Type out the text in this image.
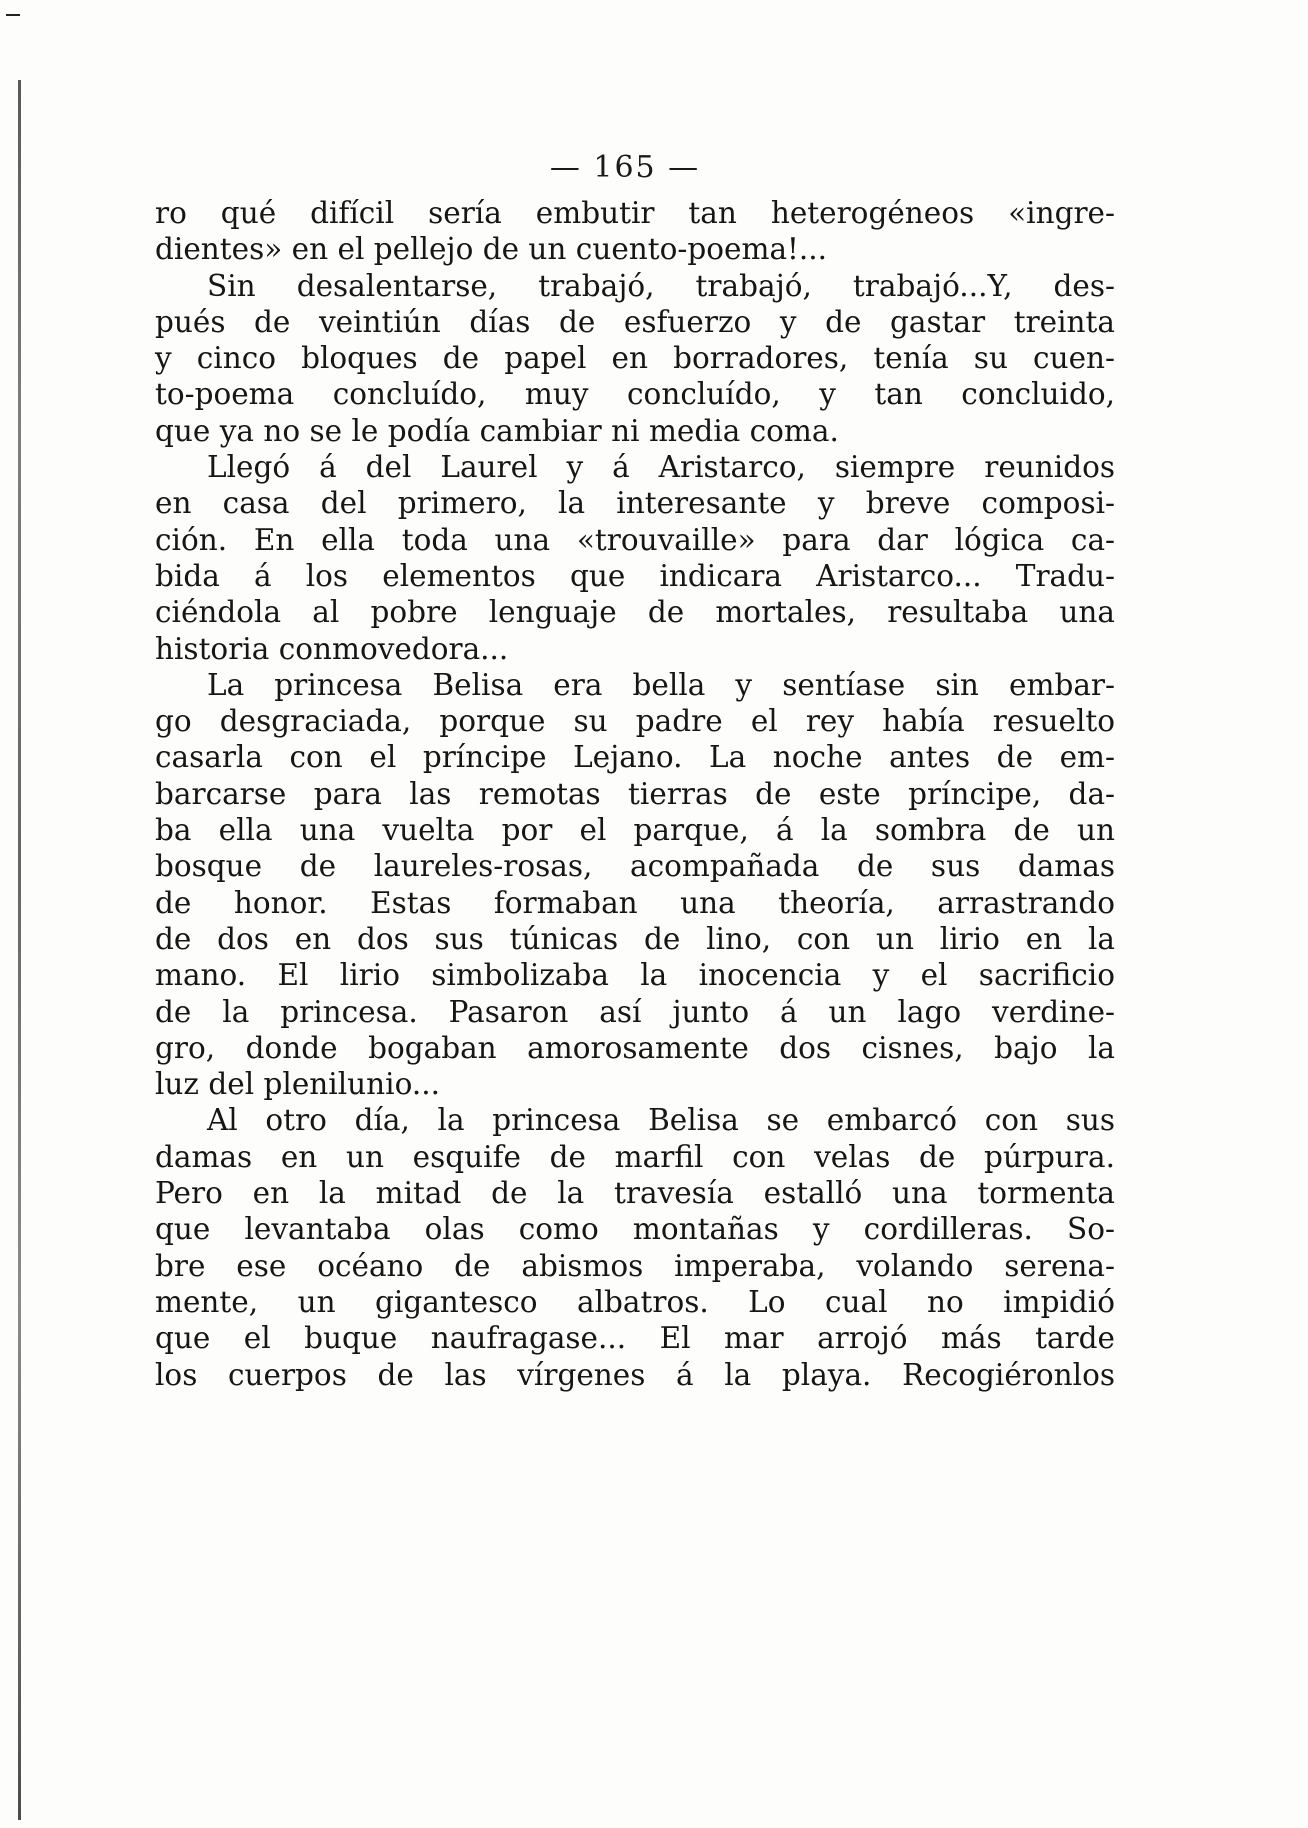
— 165 —
ro qué difícil sería embutir tan heterogéneos «ingre-
dientes» en el pellejo de un cuento-poema!...
Sin desalentarse, trabajó, trabajó, trabajó...Y, des-
pués de veintiún días de esfuerzo y de gastar treinta
y cinco bloques de papel en borradores, tenía su cuen-
to-poema concluído, muy concluído, y tan concluido,
que ya no se le podía cambiar ni media coma.
Llegó á del Laurel y á Aristarco, siempre reunidos
en casa del primero, la interesante y breve composi-
ción. En ella toda una «trouvaille» para dar lógica ca-
bida á los elementos que indicara Aristarco... Tradu-
ciéndola al pobre lenguaje de mortales, resultaba una
historia conmovedora...
La princesa Belisa era bella y sentíase sin embar-
go desgraciada, porque su padre el rey había resuelto
casarla con el príncipe Lejano. La noche antes de em-
barcarse para las remotas tierras de este príncipe, da-
ba ella una vuelta por el parque, á la sombra de un
bosque de laureles-rosas, acompañada de sus damas
de honor. Estas formaban una theoría, arrastrando
de dos en dos sus túnicas de lino, con un lirio en la
mano. El lirio simbolizaba la inocencia y el sacrificio
de la princesa. Pasaron así junto á un lago verdine-
gro, donde bogaban amorosamente dos cisnes, bajo la
luz del plenilunio...
Al otro día, la princesa Belisa se embarcó con sus
damas en un esquife de marfil con velas de púrpura.
Pero en la mitad de la travesía estalló una tormenta
que levantaba olas como montañas y cordilleras. So-
bre ese océano de abismos imperaba, volando serena-
mente, un gigantesco albatros. Lo cual no impidió
que el buque naufragase... El mar arrojó más tarde
los cuerpos de las vírgenes á la playa. Recogiéronlos
